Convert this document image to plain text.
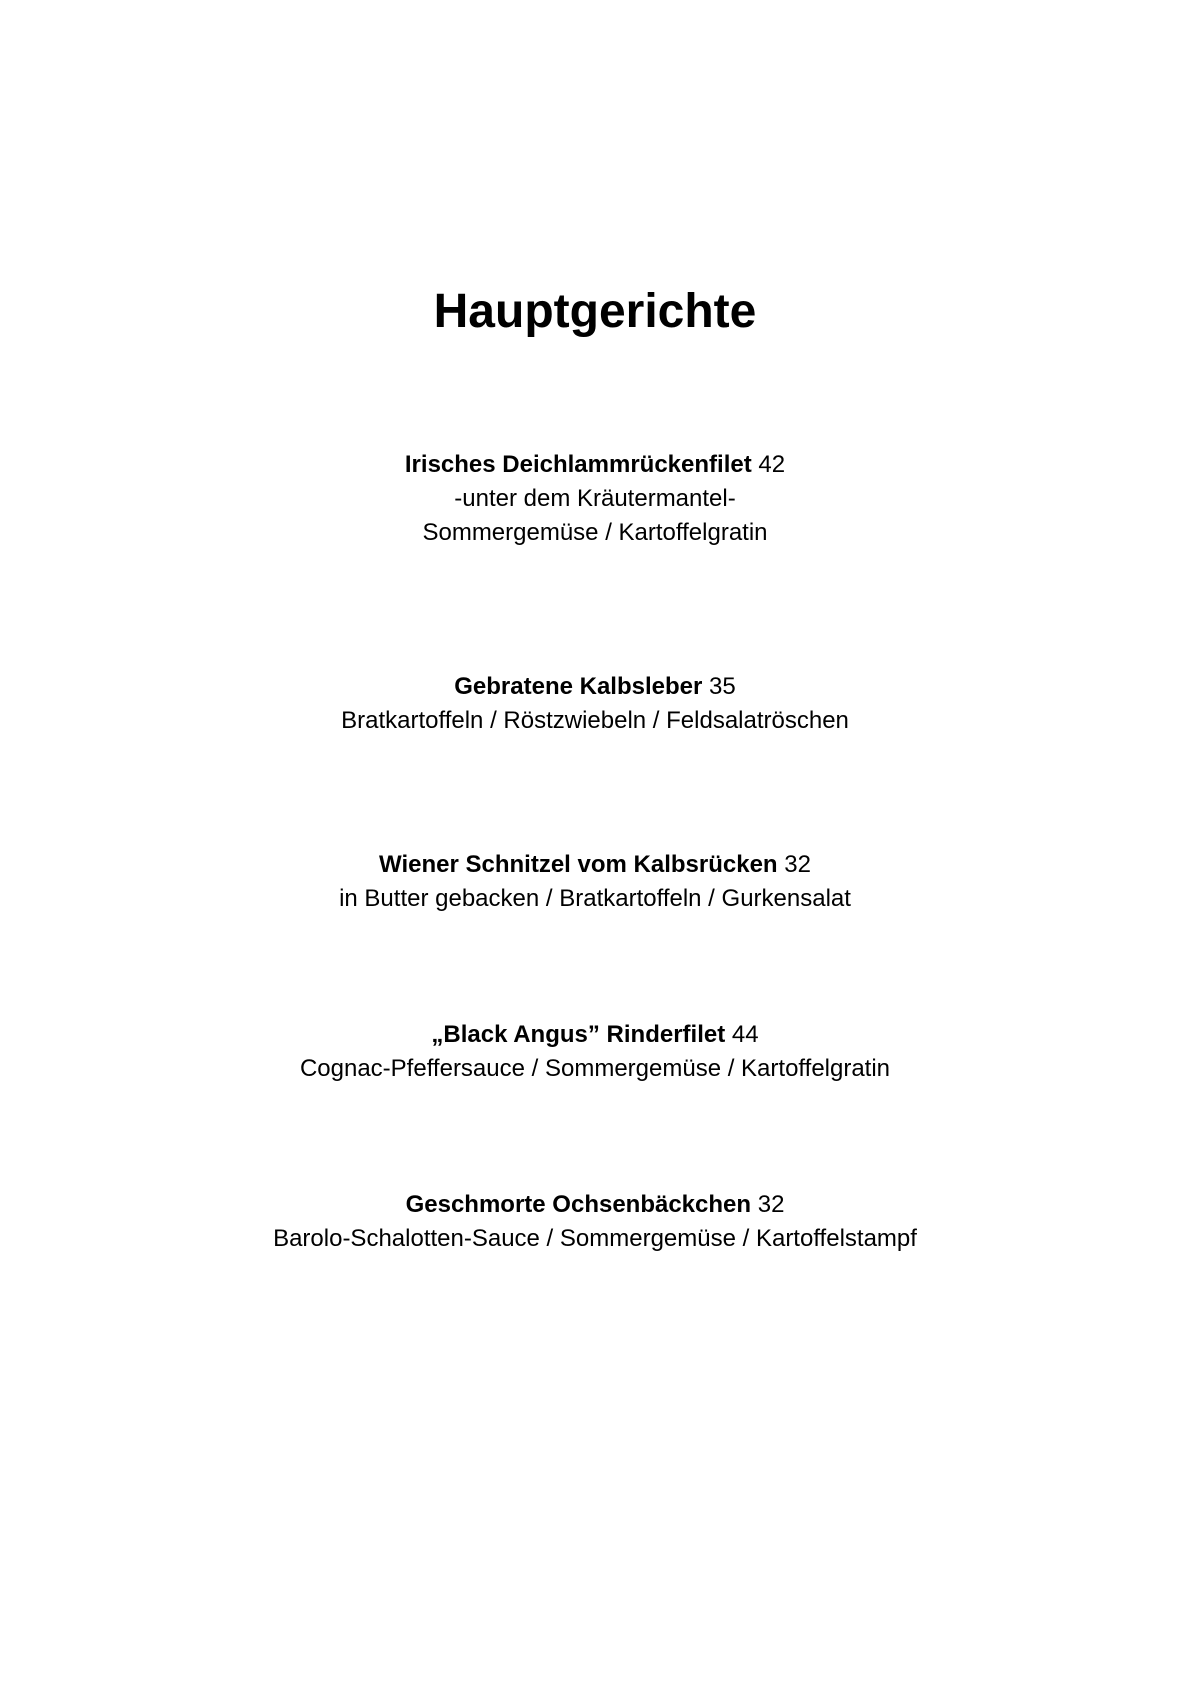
Hauptgerichte
Irisches Deichlammrückenfilet 42
-unter dem Kräutermantel-
Sommergemüse / Kartoffelgratin
Gebratene Kalbsleber 35
Bratkartoffeln / Röstzwiebeln / Feldsalatröschen
Wiener Schnitzel vom Kalbsrücken 32
in Butter gebacken / Bratkartoffeln / Gurkensalat
„Black Angus” Rinderfilet 44
Cognac-Pfeffersauce / Sommergemüse / Kartoffelgratin
Geschmorte Ochsenbäckchen 32
Barolo-Schalotten-Sauce / Sommergemüse / Kartoffelstampf
